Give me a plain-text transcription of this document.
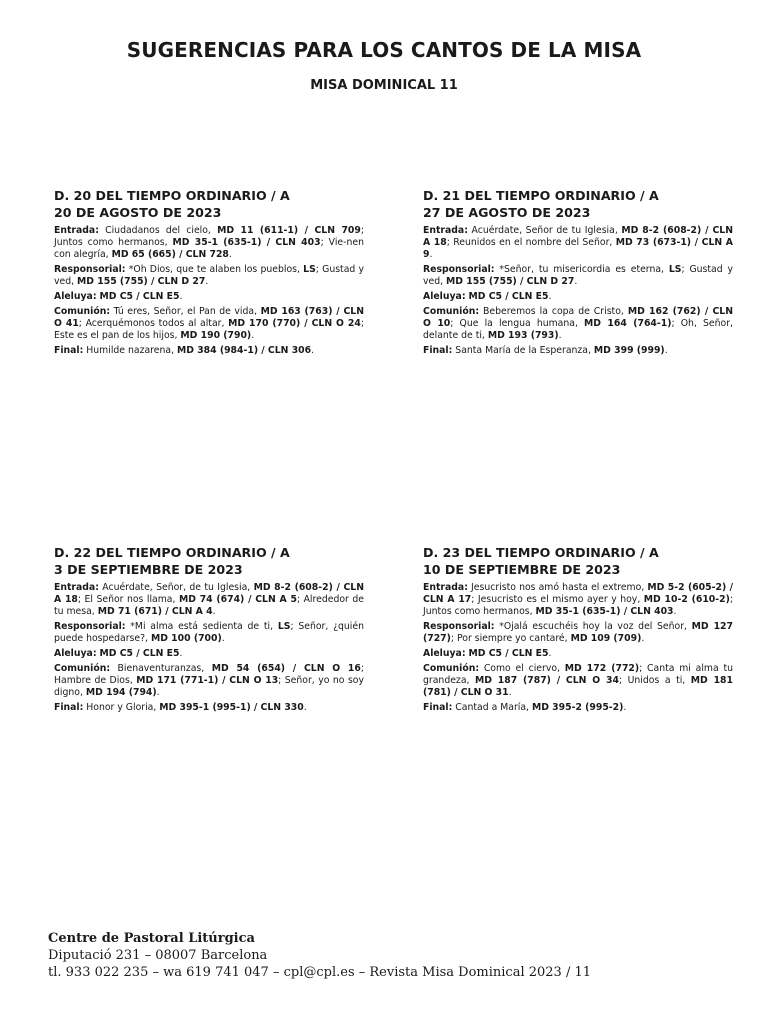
SUGERENCIAS PARA LOS CANTOS DE LA MISA
MISA DOMINICAL 11
D. 20 DEL TIEMPO ORDINARIO / A
20 DE AGOSTO DE 2023

Entrada: Ciudadanos del cielo, MD 11 (611-1) / CLN 709; Juntos como hermanos, MD 35-1 (635-1) / CLN 403; Vie-nen con alegría, MD 65 (665) / CLN 728.

Responsorial: *Oh Dios, que te alaben los pueblos, LS; Gustad y ved, MD 155 (755) / CLN D 27.

Aleluya: MD C5 / CLN E5.

Comunión: Tú eres, Señor, el Pan de vida, MD 163 (763) / CLN O 41; Acerquémonos todos al altar, MD 170 (770) / CLN O 24; Este es el pan de los hijos, MD 190 (790).

Final: Humilde nazarena, MD 384 (984-1) / CLN 306.

D. 21 DEL TIEMPO ORDINARIO / A
27 DE AGOSTO DE 2023

Entrada: Acuérdate, Señor de tu Iglesia, MD 8-2 (608-2) / CLN A 18; Reunidos en el nombre del Señor, MD 73 (673-1) / CLN A 9.

Responsorial: *Señor, tu misericordia es eterna, LS; Gustad y ved, MD 155 (755) / CLN D 27.

Aleluya: MD C5 / CLN E5.

Comunión: Beberemos la copa de Cristo, MD 162 (762) / CLN O 10; Que la lengua humana, MD 164 (764-1); Oh, Señor, delante de ti, MD 193 (793).

Final: Santa María de la Esperanza, MD 399 (999).

D. 22 DEL TIEMPO ORDINARIO / A
3 DE SEPTIEMBRE DE 2023

Entrada: Acuérdate, Señor, de tu Iglesia, MD 8-2 (608-2) / CLN A 18; El Señor nos llama, MD 74 (674) / CLN A 5; Alrededor de tu mesa, MD 71 (671) / CLN A 4.

Responsorial: *Mi alma está sedienta de ti, LS; Señor, ¿quién puede hospedarse?, MD 100 (700).

Aleluya: MD C5 / CLN E5.

Comunión: Bienaventuranzas, MD 54 (654) / CLN O 16; Hambre de Dios, MD 171 (771-1) / CLN O 13; Señor, yo no soy digno, MD 194 (794).

Final: Honor y Gloria, MD 395-1 (995-1) / CLN 330.

D. 23 DEL TIEMPO ORDINARIO / A
10 DE SEPTIEMBRE DE 2023

Entrada: Jesucristo nos amó hasta el extremo, MD 5-2 (605-2) / CLN A 17; Jesucristo es el mismo ayer y hoy, MD 10-2 (610-2); Juntos como hermanos, MD 35-1 (635-1) / CLN 403.

Responsorial: *Ojalá escuchéis hoy la voz del Señor, MD 127 (727); Por siempre yo cantaré, MD 109 (709).

Aleluya: MD C5 / CLN E5.

Comunión: Como el ciervo, MD 172 (772); Canta mi alma tu grandeza, MD 187 (787) / CLN O 34; Unidos a ti, MD 181 (781) / CLN O 31.

Final: Cantad a María, MD 395-2 (995-2).

Centre de Pastoral Litúrgica
Diputació 231 – 08007 Barcelona
tl. 933 022 235 – wa 619 741 047 – cpl@cpl.es – Revista Misa Dominical 2023 / 11
